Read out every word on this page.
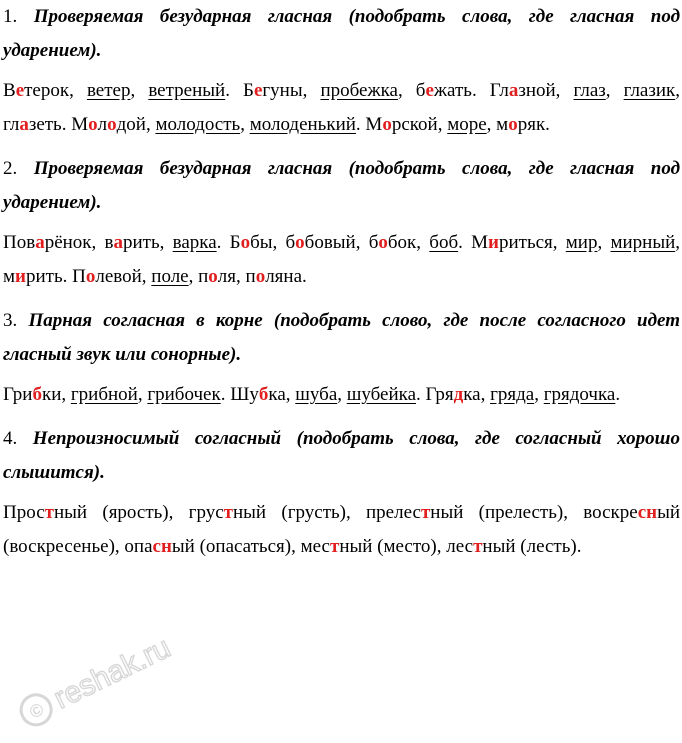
1. Проверяемая безударная гласная (подобрать слова, где гласная под ударением).

Ветерок, ветер, ветреный. Бегуны, пробежка, бежать. Глазной, глаз, глазик, глазеть. Молодой, молодость, молоденький. Морской, море, моряк.

2. Проверяемая безударная гласная (подобрать слова, где гласная под ударением).

Поварёнок, варить, варка. Бобы, бобовый, бобок, боб. Мириться, мир, мирный, мирить. Полевой, поле, поля, поляна.

3. Парная согласная в корне (подобрать слово, где после согласного идет гласный звук или сонорные).

Грибки, грибной, грибочек. Шубка, шуба, шубейка. Грядка, гряда, грядочка.

4. Непроизносимый согласный (подобрать слова, где согласный хорошо слышится).

Простный (ярость), грустный (грусть), прелестный (прелесть), воскресный (воскресенье), опасный (опасаться), местный (место), лестный (лесть).

© reshak.ru
